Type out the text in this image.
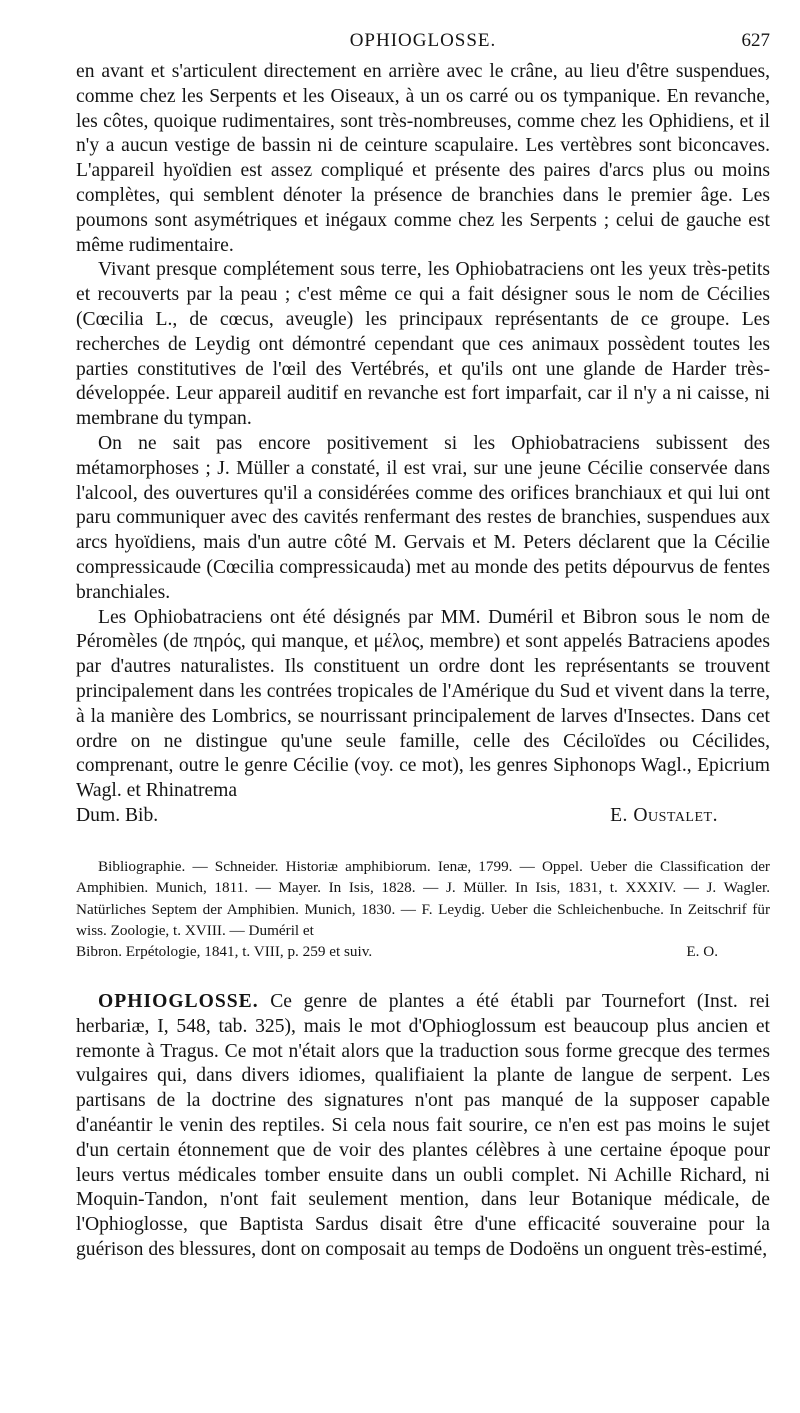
OPHIOGLOSSE.	627

en avant et s'articulent directement en arrière avec le crâne, au lieu d'être suspendues, comme chez les Serpents et les Oiseaux, à un os carré ou os tympanique. En revanche, les côtes, quoique rudimentaires, sont très-nombreuses, comme chez les Ophidiens, et il n'y a aucun vestige de bassin ni de ceinture scapulaire. Les vertèbres sont biconcaves. L'appareil hyoïdien est assez compliqué et présente des paires d'arcs plus ou moins complètes, qui semblent dénoter la présence de branchies dans le premier âge. Les poumons sont asymétriques et inégaux comme chez les Serpents ; celui de gauche est même rudimentaire.

Vivant presque complétement sous terre, les Ophiobatraciens ont les yeux très-petits et recouverts par la peau ; c'est même ce qui a fait désigner sous le nom de Cécilies (Cœcilia L., de cœcus, aveugle) les principaux représentants de ce groupe. Les recherches de Leydig ont démontré cependant que ces animaux possèdent toutes les parties constitutives de l'œil des Vertébrés, et qu'ils ont une glande de Harder très-développée. Leur appareil auditif en revanche est fort imparfait, car il n'y a ni caisse, ni membrane du tympan.

On ne sait pas encore positivement si les Ophiobatraciens subissent des métamorphoses ; J. Müller a constaté, il est vrai, sur une jeune Cécilie conservée dans l'alcool, des ouvertures qu'il a considérées comme des orifices branchiaux et qui lui ont paru communiquer avec des cavités renfermant des restes de branchies, suspendues aux arcs hyoïdiens, mais d'un autre côté M. Gervais et M. Peters déclarent que la Cécilie compressicaude (Cœcilia compressicauda) met au monde des petits dépourvus de fentes branchiales.

Les Ophiobatraciens ont été désignés par MM. Duméril et Bibron sous le nom de Péromèles (de πηρός, qui manque, et μέλος, membre) et sont appelés Batraciens apodes par d'autres naturalistes. Ils constituent un ordre dont les représentants se trouvent principalement dans les contrées tropicales de l'Amérique du Sud et vivent dans la terre, à la manière des Lombrics, se nourrissant principalement de larves d'Insectes. Dans cet ordre on ne distingue qu'une seule famille, celle des Céciloïdes ou Cécilides, comprenant, outre le genre Cécilie (voy. ce mot), les genres Siphonops Wagl., Epicrium Wagl. et Rhinatrema

Dum. Bib.	E. Oustalet.

Bibliographie. — Schneider. Historiæ amphibiorum. Ienæ, 1799. — Oppel. Ueber die Classification der Amphibien. Munich, 1811. — Mayer. In Isis, 1828. — J. Müller. In Isis, 1831, t. XXXIV. — J. Wagler. Natürliches Septem der Amphibien. Munich, 1830. — F. Leydig. Ueber die Schleichenbuche. In Zeitschrif für wiss. Zoologie, t. XVIII. — Duméril et

Bibron. Erpétologie, 1841, t. VIII, p. 259 et suiv.	E. O.

OPHIOGLOSSE. Ce genre de plantes a été établi par Tournefort (Inst. rei herbariæ, I, 548, tab. 325), mais le mot d'Ophioglossum est beaucoup plus ancien et remonte à Tragus. Ce mot n'était alors que la traduction sous forme grecque des termes vulgaires qui, dans divers idiomes, qualifiaient la plante de langue de serpent. Les partisans de la doctrine des signatures n'ont pas manqué de la supposer capable d'anéantir le venin des reptiles. Si cela nous fait sourire, ce n'en est pas moins le sujet d'un certain étonnement que de voir des plantes célèbres à une certaine époque pour leurs vertus médicales tomber ensuite dans un oubli complet. Ni Achille Richard, ni Moquin-Tandon, n'ont fait seulement mention, dans leur Botanique médicale, de l'Ophioglosse, que Baptista Sardus disait être d'une efficacité souveraine pour la guérison des blessures, dont on composait au temps de Dodoëns un onguent très-estimé,
